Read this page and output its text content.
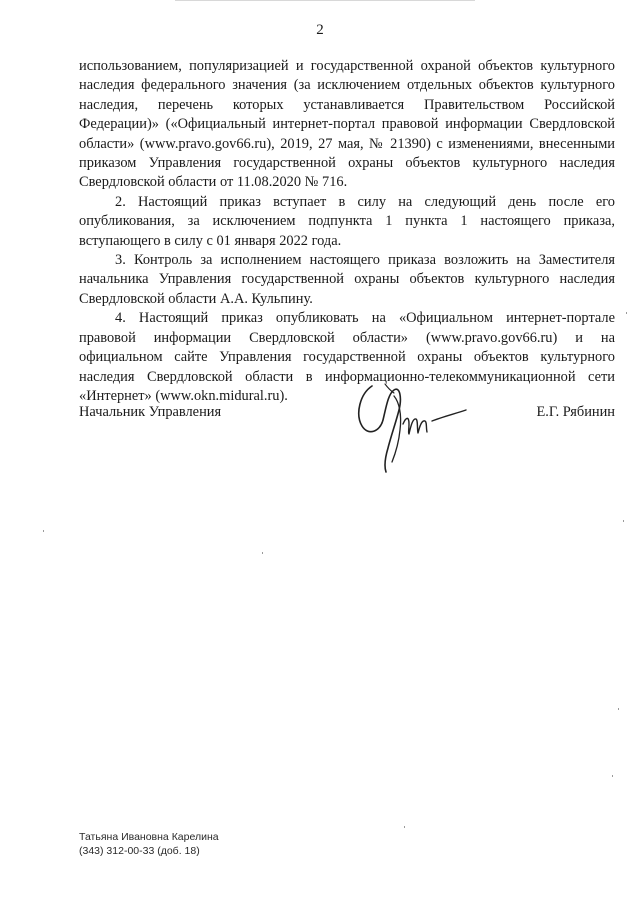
2

использованием, популяризацией и государственной охраной объектов культурного наследия федерального значения (за исключением отдельных объектов культурного наследия, перечень которых устанавливается Правительством Российской Федерации)» («Официальный интернет-портал правовой информации Свердловской области» (www.pravo.gov66.ru), 2019, 27 мая, № 21390) с изменениями, внесенными приказом Управления государственной охраны объектов культурного наследия Свердловской области от 11.08.2020 № 716.

2. Настоящий приказ вступает в силу на следующий день после его опубликования, за исключением подпункта 1 пункта 1 настоящего приказа, вступающего в силу с 01 января 2022 года.

3. Контроль за исполнением настоящего приказа возложить на Заместителя начальника Управления государственной охраны объектов культурного наследия Свердловской области А.А. Кульпину.

4. Настоящий приказ опубликовать на «Официальном интернет-портале правовой информации Свердловской области» (www.pravo.gov66.ru) и на официальном сайте Управления государственной охраны объектов культурного наследия Свердловской области в информационно-телекоммуникационной сети «Интернет» (www.okn.midural.ru).

Начальник Управления	Е.Г. Рябинин
Татьяна Ивановна Карелина
(343) 312-00-33 (доб. 18)
